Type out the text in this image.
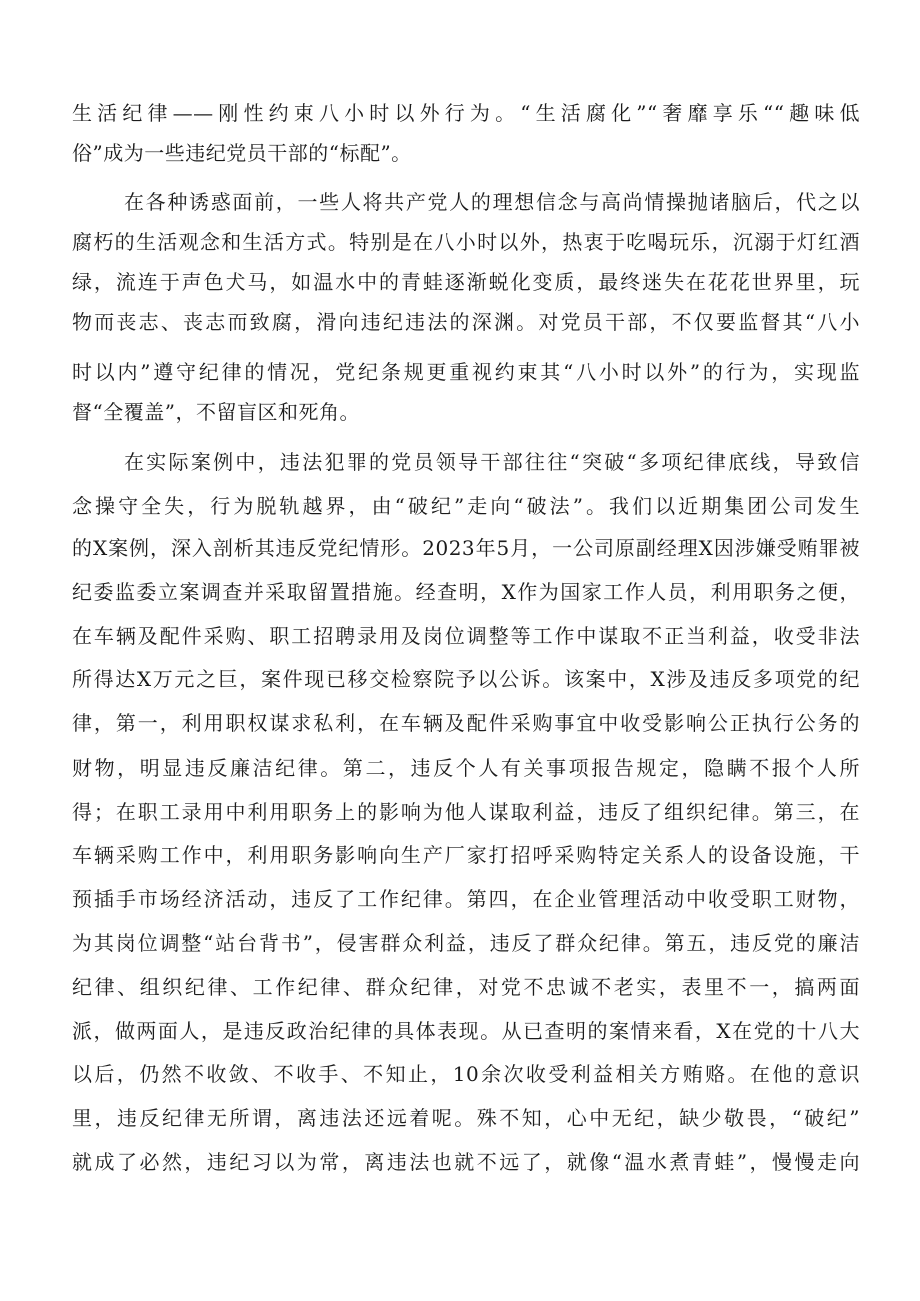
生活纪律——刚性约束八小时以外行为。“生活腐化”“奢靡享乐““趣味低
俗”成为一些违纪党员干部的“标配”。
在各种诱惑面前，一些人将共产党人的理想信念与高尚情操抛诸脑后，代之以
腐朽的生活观念和生活方式。特别是在八小时以外，热衷于吃喝玩乐，沉溺于灯红酒
绿，流连于声色犬马，如温水中的青蛙逐渐蜕化变质，最终迷失在花花世界里，玩
物而丧志、丧志而致腐，滑向违纪违法的深渊。对党员干部，不仅要监督其“八小
时以内”遵守纪律的情况，党纪条规更重视约束其“八小时以外”的行为，实现监
督“全覆盖”，不留盲区和死角。
在实际案例中，违法犯罪的党员领导干部往往“突破“多项纪律底线，导致信
念操守全失，行为脱轨越界，由“破纪”走向“破法”。我们以近期集团公司发生
的X案例，深入剖析其违反党纪情形。2023年5月，一公司原副经理X因涉嫌受贿罪被
纪委监委立案调查并采取留置措施。经查明，X作为国家工作人员，利用职务之便，
在车辆及配件采购、职工招聘录用及岗位调整等工作中谋取不正当利益，收受非法
所得达X万元之巨，案件现已移交检察院予以公诉。该案中，X涉及违反多项党的纪
律，第一，利用职权谋求私利，在车辆及配件采购事宜中收受影响公正执行公务的
财物，明显违反廉洁纪律。第二，违反个人有关事项报告规定，隐瞒不报个人所
得；在职工录用中利用职务上的影响为他人谋取利益，违反了组织纪律。第三，在
车辆采购工作中，利用职务影响向生产厂家打招呼采购特定关系人的设备设施，干
预插手市场经济活动，违反了工作纪律。第四，在企业管理活动中收受职工财物，
为其岗位调整“站台背书”，侵害群众利益，违反了群众纪律。第五，违反党的廉洁
纪律、组织纪律、工作纪律、群众纪律，对党不忠诚不老实，表里不一，搞两面
派，做两面人，是违反政治纪律的具体表现。从已查明的案情来看，X在党的十八大
以后，仍然不收敛、不收手、不知止，10余次收受利益相关方贿赂。在他的意识
里，违反纪律无所谓，离违法还远着呢。殊不知，心中无纪，缺少敬畏，“破纪”
就成了必然，违纪习以为常，离违法也就不远了，就像“温水煮青蛙”，慢慢走向
